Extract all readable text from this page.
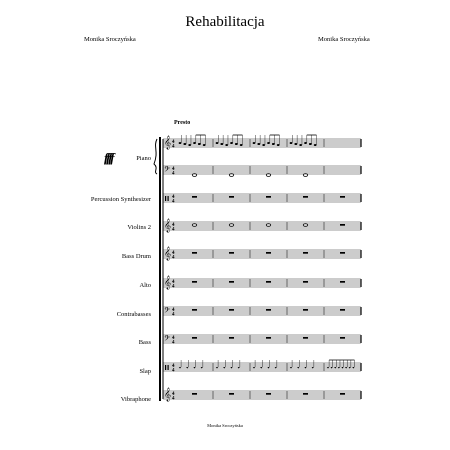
Rehabilitacja
Monika Sroczyńska	Monika Sroczyńska
Presto
ffff	Piano
Percussion Synthesizer
Violins 2
Bass Drum
Alto
Contrabasses
Bass
Slap
Vibraphone
𝄞 4
4
𝄢 4
4
4
4
𝄞 4
4
𝄞 4
4
𝄞 4
4
𝄢 4
4
𝄢 4
4
4
4
𝄞 4
4
Monika Sroczyńska
